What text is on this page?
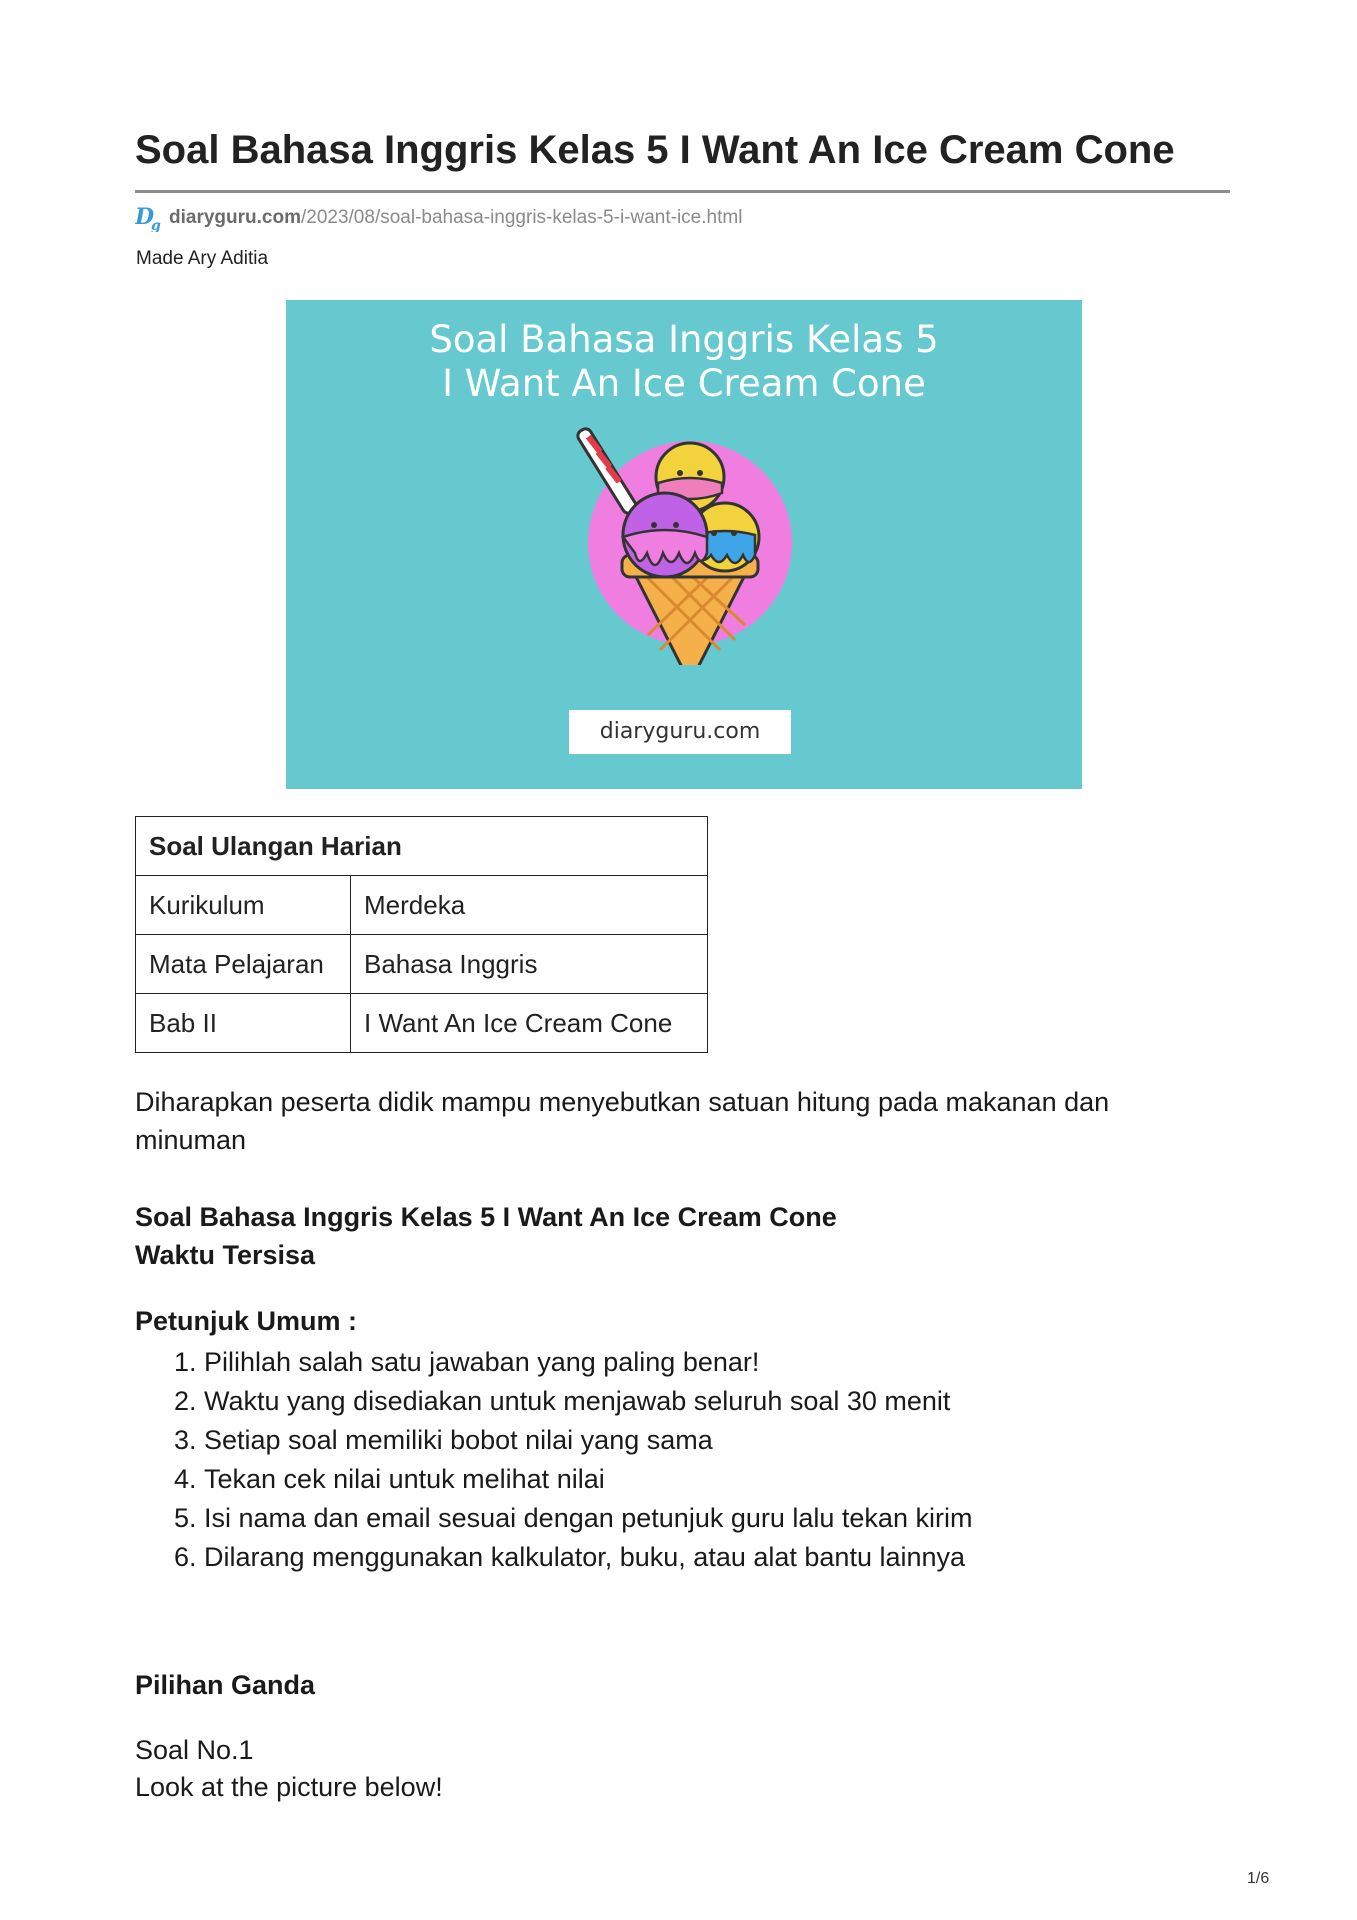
Soal Bahasa Inggris Kelas 5 I Want An Ice Cream Cone
D
g diaryguru.com /2023/08/soal-bahasa-inggris-kelas-5-i-want-ice.html
Made Ary Aditia
Soal Bahasa Inggris Kelas 5
I Want An Ice Cream Cone
diaryguru.com
Soal Ulangan Harian	
Kurikulum	Merdeka
Mata Pelajaran	Bahasa Inggris
Bab II	I Want An Ice Cream Cone

Diharapkan peserta didik mampu menyebutkan satuan hitung pada makanan dan minuman

Soal Bahasa Inggris Kelas 5 I Want An Ice Cream Cone

Waktu Tersisa

Petunjuk Umum :

1. Pilihlah salah satu jawaban yang paling benar!
2. Waktu yang disediakan untuk menjawab seluruh soal 30 menit
3. Setiap soal memiliki bobot nilai yang sama
4. Tekan cek nilai untuk melihat nilai
5. Isi nama dan email sesuai dengan petunjuk guru lalu tekan kirim
6. Dilarang menggunakan kalkulator, buku, atau alat bantu lainnya

Pilihan Ganda

Soal No.1

Look at the picture below!

1/6
